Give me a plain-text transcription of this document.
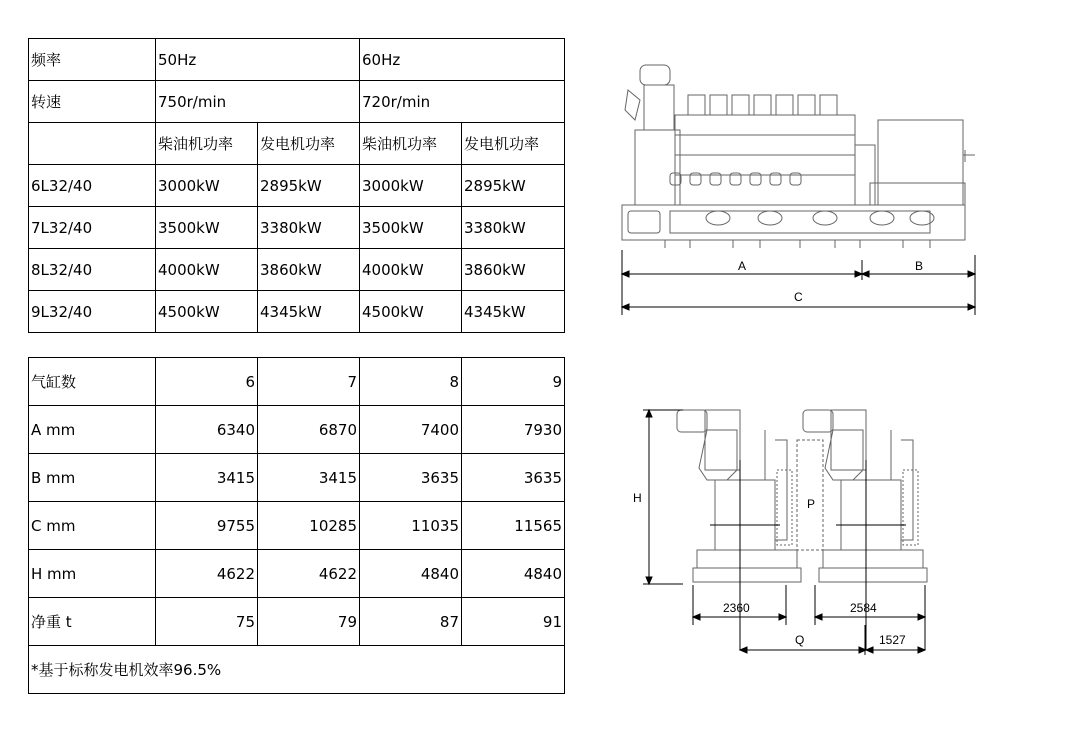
频率	50Hz		60Hz	
转速	750r/min		720r/min	
	柴油机功率	发电机功率	柴油机功率	发电机功率
6L32/40	3000kW	2895kW	3000kW	2895kW
7L32/40	3500kW	3380kW	3500kW	3380kW
8L32/40	4000kW	3860kW	4000kW	3860kW
9L32/40	4500kW	4345kW	4500kW	4345kW
气缸数	6	7	8	9
A mm	6340	6870	7400	7930
B mm	3415	3415	3635	3635
C mm	9755	10285	11035	11565
H mm	4622	4622	4840	4840
净重 t	75	79	87	91
*基于标称发电机效率96.5%				
A	B
C
H	P
2360	2584
Q	1527
